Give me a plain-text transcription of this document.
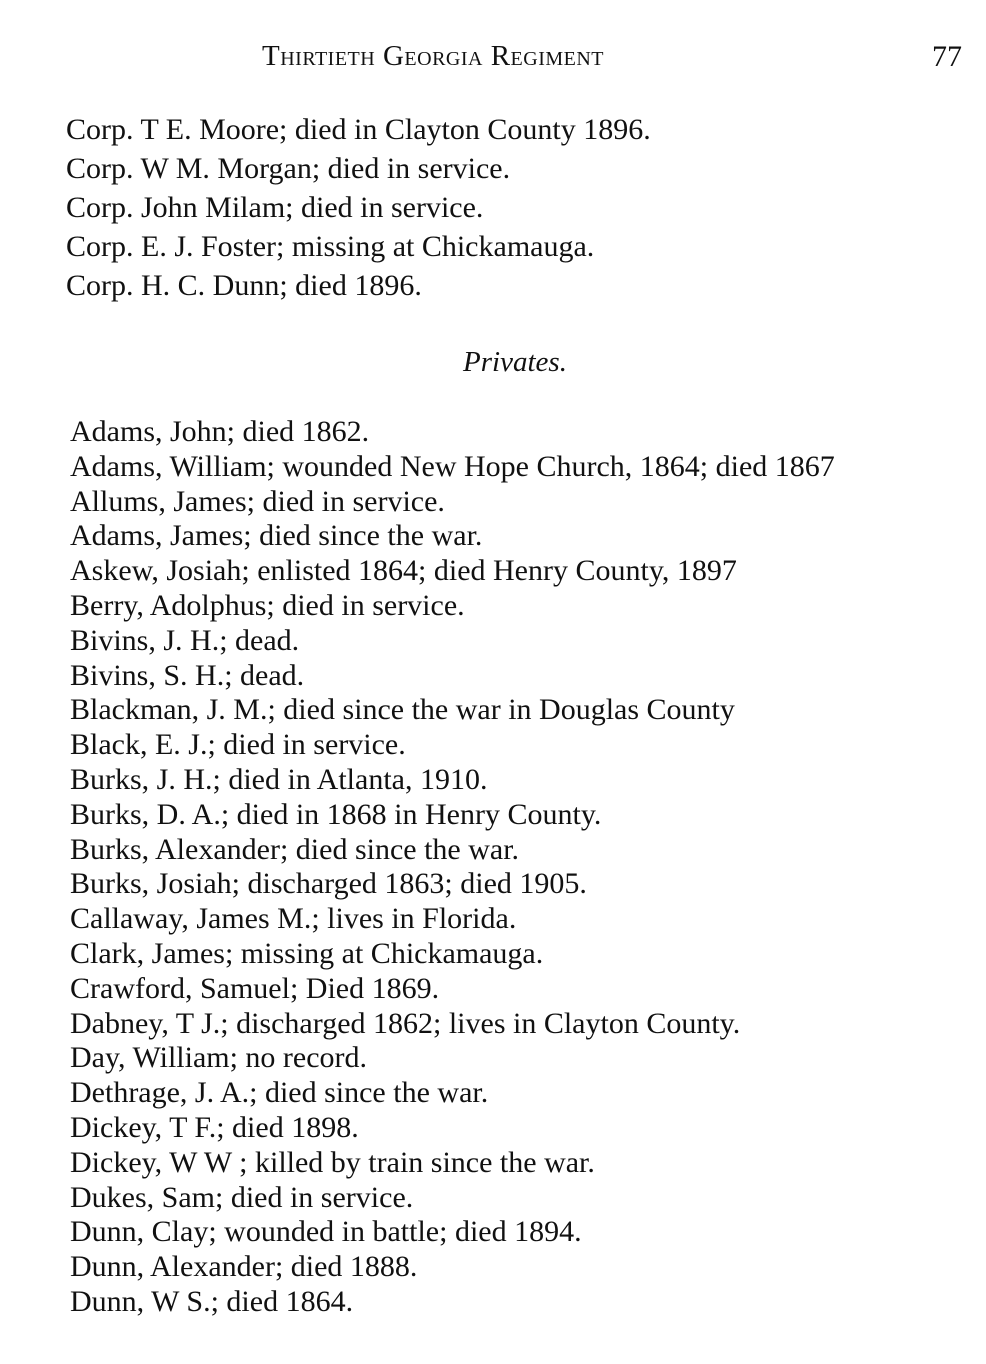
Thirtieth Georgia Regiment	77
Corp. T E. Moore; died in Clayton County 1896.
Corp. W M. Morgan; died in service.
Corp. John Milam; died in service.
Corp. E. J. Foster; missing at Chickamauga.
Corp. H. C. Dunn; died 1896.
Privates.
Adams, John; died 1862.
Adams, William; wounded New Hope Church, 1864; died 1867
Allums, James; died in service.
Adams, James; died since the war.
Askew, Josiah; enlisted 1864; died Henry County, 1897
Berry, Adolphus; died in service.
Bivins, J. H.; dead.
Bivins, S. H.; dead.
Blackman, J. M.; died since the war in Douglas County
Black, E. J.; died in service.
Burks, J. H.; died in Atlanta, 1910.
Burks, D. A.; died in 1868 in Henry County.
Burks, Alexander; died since the war.
Burks, Josiah; discharged 1863; died 1905.
Callaway, James M.; lives in Florida.
Clark, James; missing at Chickamauga.
Crawford, Samuel; Died 1869.
Dabney, T J.; discharged 1862; lives in Clayton County.
Day, William; no record.
Dethrage, J. A.; died since the war.
Dickey, T F.; died 1898.
Dickey, W W ; killed by train since the war.
Dukes, Sam; died in service.
Dunn, Clay; wounded in battle; died 1894.
Dunn, Alexander; died 1888.
Dunn, W S.; died 1864.
